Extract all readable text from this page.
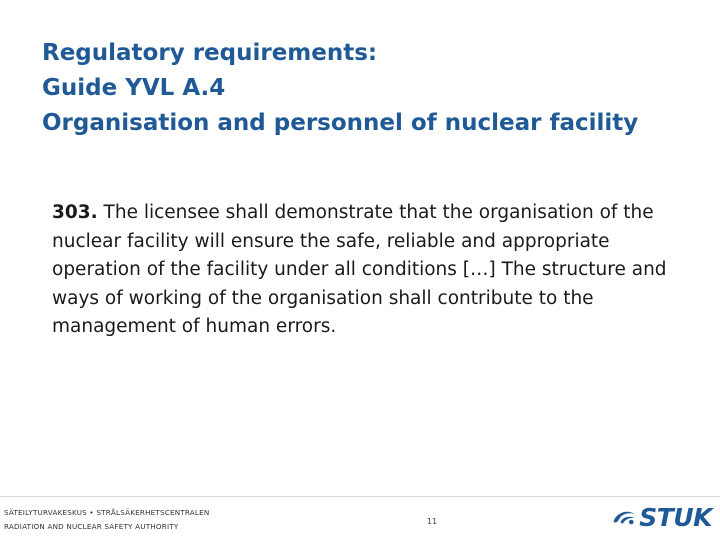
Regulatory requirements:
Guide YVL A.4
Organisation and personnel of nuclear facility
303. The licensee shall demonstrate that the organisation of the nuclear facility will ensure the safe, reliable and appropriate operation of the facility under all conditions […] The structure and ways of working of the organisation shall contribute to the management of human errors.
SÄTEILYTURVAKESKUS • STRÅLSÄKERHETSCENTRALEN
RADIATION AND NUCLEAR SAFETY AUTHORITY
11	STUK
